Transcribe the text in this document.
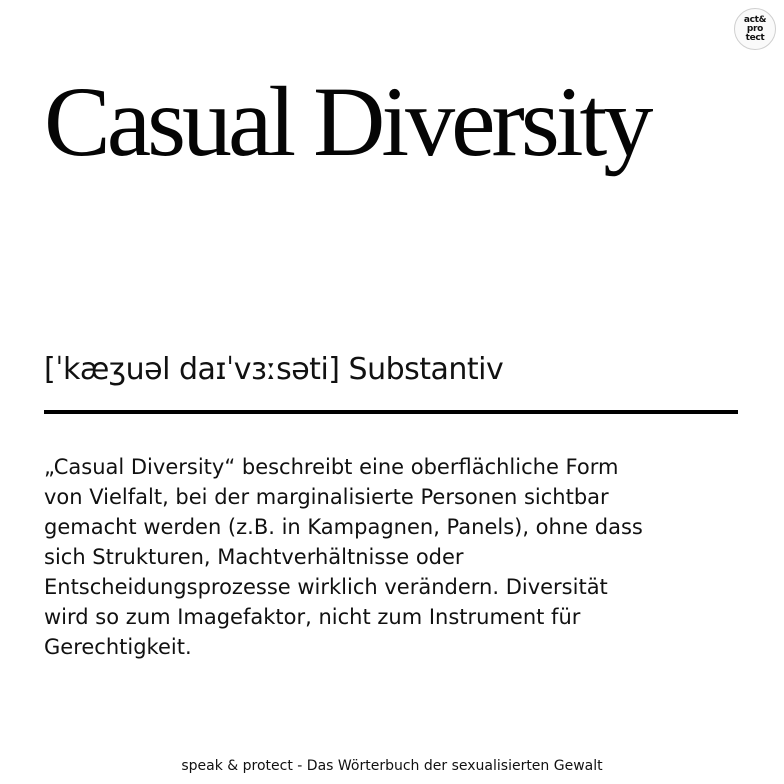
act&
pro
tect
Casual Diversity
[ˈkæʒuəl daɪˈvɜːsəti] Substantiv
„Casual Diversity“ beschreibt eine oberflächliche Form
von Vielfalt, bei der marginalisierte Personen sichtbar
gemacht werden (z.B. in Kampagnen, Panels), ohne dass
sich Strukturen, Machtverhältnisse oder
Entscheidungsprozesse wirklich verändern. Diversität
wird so zum Imagefaktor, nicht zum Instrument für
Gerechtigkeit.
speak & protect - Das Wörterbuch der sexualisierten Gewalt
